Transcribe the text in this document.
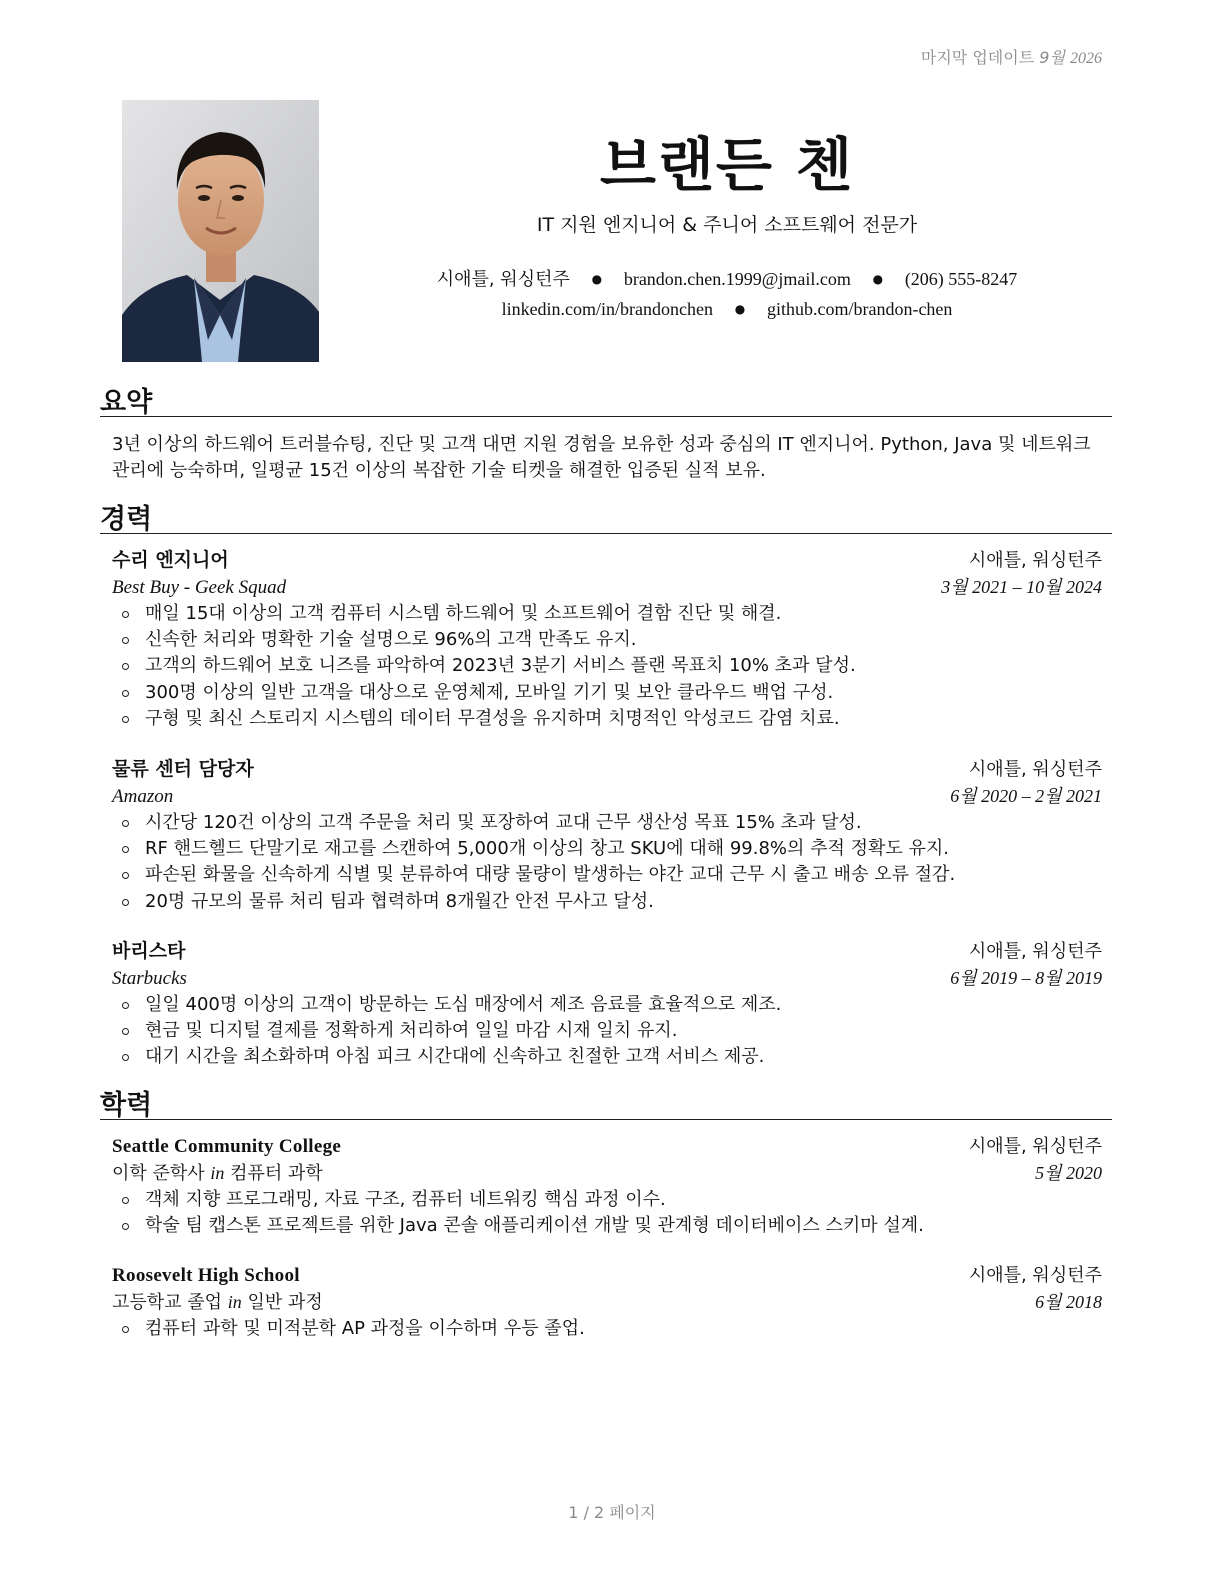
마지막 업데이트 9월 2026
브랜든 첸
IT 지원 엔지니어 & 주니어 소프트웨어 전문가
시애틀, 워싱턴주 ● brandon.chen.1999@jmail.com ● (206) 555-8247
linkedin.com/in/brandonchen ● github.com/brandon-chen
요약
3년 이상의 하드웨어 트러블슈팅, 진단 및 고객 대면 지원 경험을 보유한 성과 중심의 IT 엔지니어. Python, Java 및 네트워크 관리에 능숙하며, 일평균 15건 이상의 복잡한 기술 티켓을 해결한 입증된 실적 보유.
경력
수리 엔지니어	시애틀, 워싱턴주
Best Buy - Geek Squad	3월 2021 – 10월 2024
매일 15대 이상의 고객 컴퓨터 시스템 하드웨어 및 소프트웨어 결함 진단 및 해결.
신속한 처리와 명확한 기술 설명으로 96%의 고객 만족도 유지.
고객의 하드웨어 보호 니즈를 파악하여 2023년 3분기 서비스 플랜 목표치 10% 초과 달성.
300명 이상의 일반 고객을 대상으로 운영체제, 모바일 기기 및 보안 클라우드 백업 구성.
구형 및 최신 스토리지 시스템의 데이터 무결성을 유지하며 치명적인 악성코드 감염 치료.
물류 센터 담당자	시애틀, 워싱턴주
Amazon	6월 2020 – 2월 2021
시간당 120건 이상의 고객 주문을 처리 및 포장하여 교대 근무 생산성 목표 15% 초과 달성.
RF 핸드헬드 단말기로 재고를 스캔하여 5,000개 이상의 창고 SKU에 대해 99.8%의 추적 정확도 유지.
파손된 화물을 신속하게 식별 및 분류하여 대량 물량이 발생하는 야간 교대 근무 시 출고 배송 오류 절감.
20명 규모의 물류 처리 팀과 협력하며 8개월간 안전 무사고 달성.
바리스타	시애틀, 워싱턴주
Starbucks	6월 2019 – 8월 2019
일일 400명 이상의 고객이 방문하는 도심 매장에서 제조 음료를 효율적으로 제조.
현금 및 디지털 결제를 정확하게 처리하여 일일 마감 시재 일치 유지.
대기 시간을 최소화하며 아침 피크 시간대에 신속하고 친절한 고객 서비스 제공.
학력
Seattle Community College	시애틀, 워싱턴주
이학 준학사 in 컴퓨터 과학	5월 2020
객체 지향 프로그래밍, 자료 구조, 컴퓨터 네트워킹 핵심 과정 이수.
학술 팀 캡스톤 프로젝트를 위한 Java 콘솔 애플리케이션 개발 및 관계형 데이터베이스 스키마 설계.
Roosevelt High School	시애틀, 워싱턴주
고등학교 졸업 in 일반 과정	6월 2018
컴퓨터 과학 및 미적분학 AP 과정을 이수하며 우등 졸업.
1 / 2 페이지
